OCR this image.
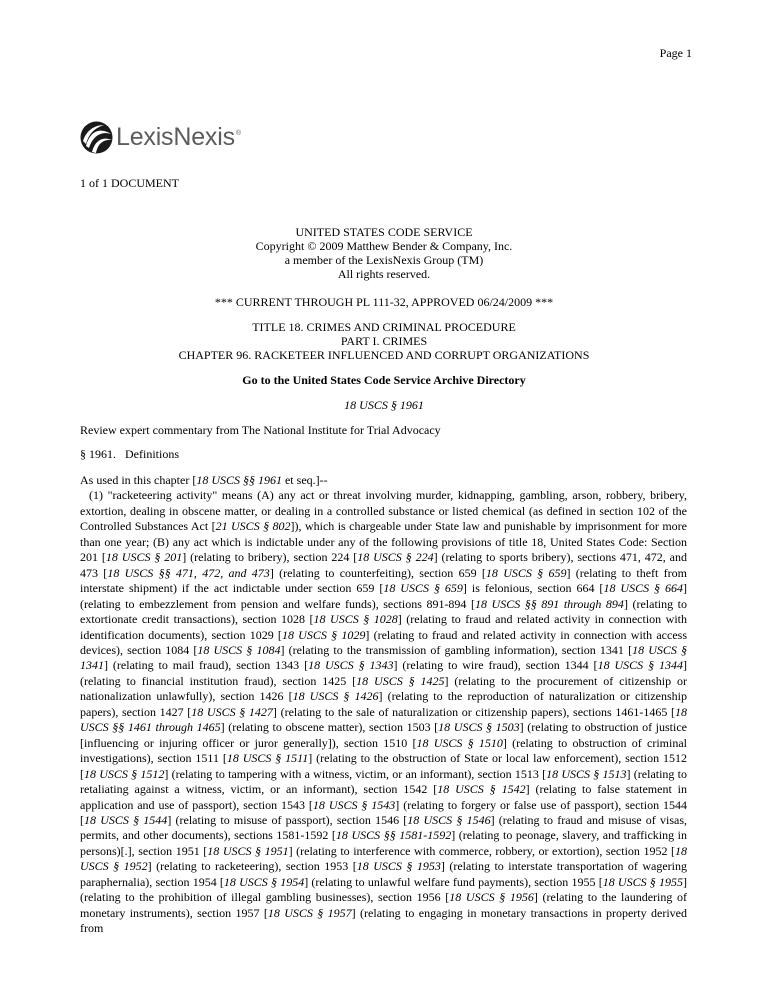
Page 1
LexisNexis ®
1 of 1 DOCUMENT
UNITED STATES CODE SERVICE
Copyright © 2009 Matthew Bender & Company, Inc.
a member of the LexisNexis Group (TM)
All rights reserved.
*** CURRENT THROUGH PL 111-32, APPROVED 06/24/2009 ***
TITLE 18. CRIMES AND CRIMINAL PROCEDURE
PART I. CRIMES
CHAPTER 96. RACKETEER INFLUENCED AND CORRUPT ORGANIZATIONS
Go to the United States Code Service Archive Directory
18 USCS § 1961
Review expert commentary from The National Institute for Trial Advocacy
§ 1961.   Definitions
As used in this chapter [18 USCS §§ 1961 et seq.]--

(1) "racketeering activity" means (A) any act or threat involving murder, kidnapping, gambling, arson, robbery, bribery, extortion, dealing in obscene matter, or dealing in a controlled substance or listed chemical (as defined in section 102 of the Controlled Substances Act [21 USCS § 802]), which is chargeable under State law and punishable by imprisonment for more than one year; (B) any act which is indictable under any of the following provisions of title 18, United States Code: Section 201 [18 USCS § 201] (relating to bribery), section 224 [18 USCS § 224] (relating to sports bribery), sections 471, 472, and 473 [18 USCS §§ 471, 472, and 473] (relating to counterfeiting), section 659 [18 USCS § 659] (relating to theft from interstate shipment) if the act indictable under section 659 [18 USCS § 659] is felonious, section 664 [18 USCS § 664] (relating to embezzlement from pension and welfare funds), sections 891-894 [18 USCS §§ 891 through 894] (relating to extortionate credit transactions), section 1028 [18 USCS § 1028] (relating to fraud and related activity in connection with identification documents), section 1029 [18 USCS § 1029] (relating to fraud and related activity in connection with access devices), section 1084 [18 USCS § 1084] (relating to the transmission of gambling information), section 1341 [18 USCS § 1341] (relating to mail fraud), section 1343 [18 USCS § 1343] (relating to wire fraud), section 1344 [18 USCS § 1344] (relating to financial institution fraud), section 1425 [18 USCS § 1425] (relating to the procurement of citizenship or nationalization unlawfully), section 1426 [18 USCS § 1426] (relating to the reproduction of naturalization or citizenship papers), section 1427 [18 USCS § 1427] (relating to the sale of naturalization or citizenship papers), sections 1461-1465 [18 USCS §§ 1461 through 1465] (relating to obscene matter), section 1503 [18 USCS § 1503] (relating to obstruction of justice [influencing or injuring officer or juror generally]), section 1510 [18 USCS § 1510] (relating to obstruction of criminal investigations), section 1511 [18 USCS § 1511] (relating to the obstruction of State or local law enforcement), section 1512 [18 USCS § 1512] (relating to tampering with a witness, victim, or an informant), section 1513 [18 USCS § 1513] (relating to retaliating against a witness, victim, or an informant), section 1542 [18 USCS § 1542] (relating to false statement in application and use of passport), section 1543 [18 USCS § 1543] (relating to forgery or false use of passport), section 1544 [18 USCS § 1544] (relating to misuse of passport), section 1546 [18 USCS § 1546] (relating to fraud and misuse of visas, permits, and other documents), sections 1581-1592 [18 USCS §§ 1581-1592] (relating to peonage, slavery, and trafficking in persons)[.], section 1951 [18 USCS § 1951] (relating to interference with commerce, robbery, or extortion), section 1952 [18 USCS § 1952] (relating to racketeering), section 1953 [18 USCS § 1953] (relating to interstate transportation of wagering paraphernalia), section 1954 [18 USCS § 1954] (relating to unlawful welfare fund payments), section 1955 [18 USCS § 1955] (relating to the prohibition of illegal gambling businesses), section 1956 [18 USCS § 1956] (relating to the laundering of monetary instruments), section 1957 [18 USCS § 1957] (relating to engaging in monetary transactions in property derived from
